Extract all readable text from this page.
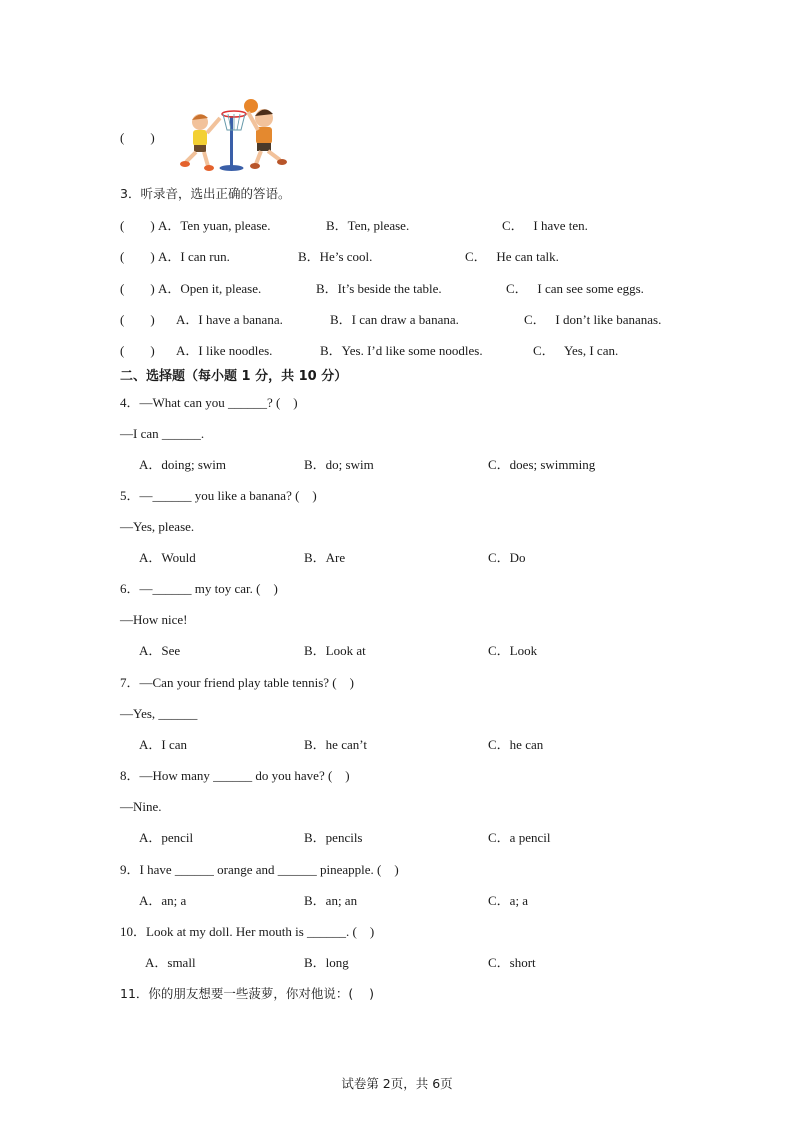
(        )
3．听录音，选出正确的答语。
(        ) A．Ten yuan, please.	B．Ten, please.	C．   I have ten.
(        ) A．I can run.	B．He’s cool.	C．   He can talk.
(        ) A．Open it, please.	B．It’s beside the table.	C．   I can see some eggs.
(        ) A．I have a banana.	B．I can draw a banana.	C．   I don’t like bananas.
(        ) A．I like noodles.	B．Yes. I’d like some noodles.	C．   Yes, I can.
二、选择题（每小题 1 分，共 10 分）
4．—What can you ______? (    )
—I can ______.
A．doing; swim	B．do; swim	C．does; swimming
5．—______ you like a banana? (    )
—Yes, please.
A．Would	B．Are	C．Do
6．—______ my toy car. (    )
—How nice!
A．See	B．Look at	C．Look
7．—Can your friend play table tennis? (    )
—Yes, ______
A．I can	B．he can’t	C．he can
8．—How many ______ do you have? (    )
—Nine.
A．pencil	B．pencils	C．a pencil
9．I have ______ orange and ______ pineapple. (    )
A．an; a	B．an; an	C．a; a
10．Look at my doll. Her mouth is ______. (    )
A．small	B．long	C．short
11．你的朋友想要一些菠萝，你对他说：(    )
试卷第 2页，共 6页
